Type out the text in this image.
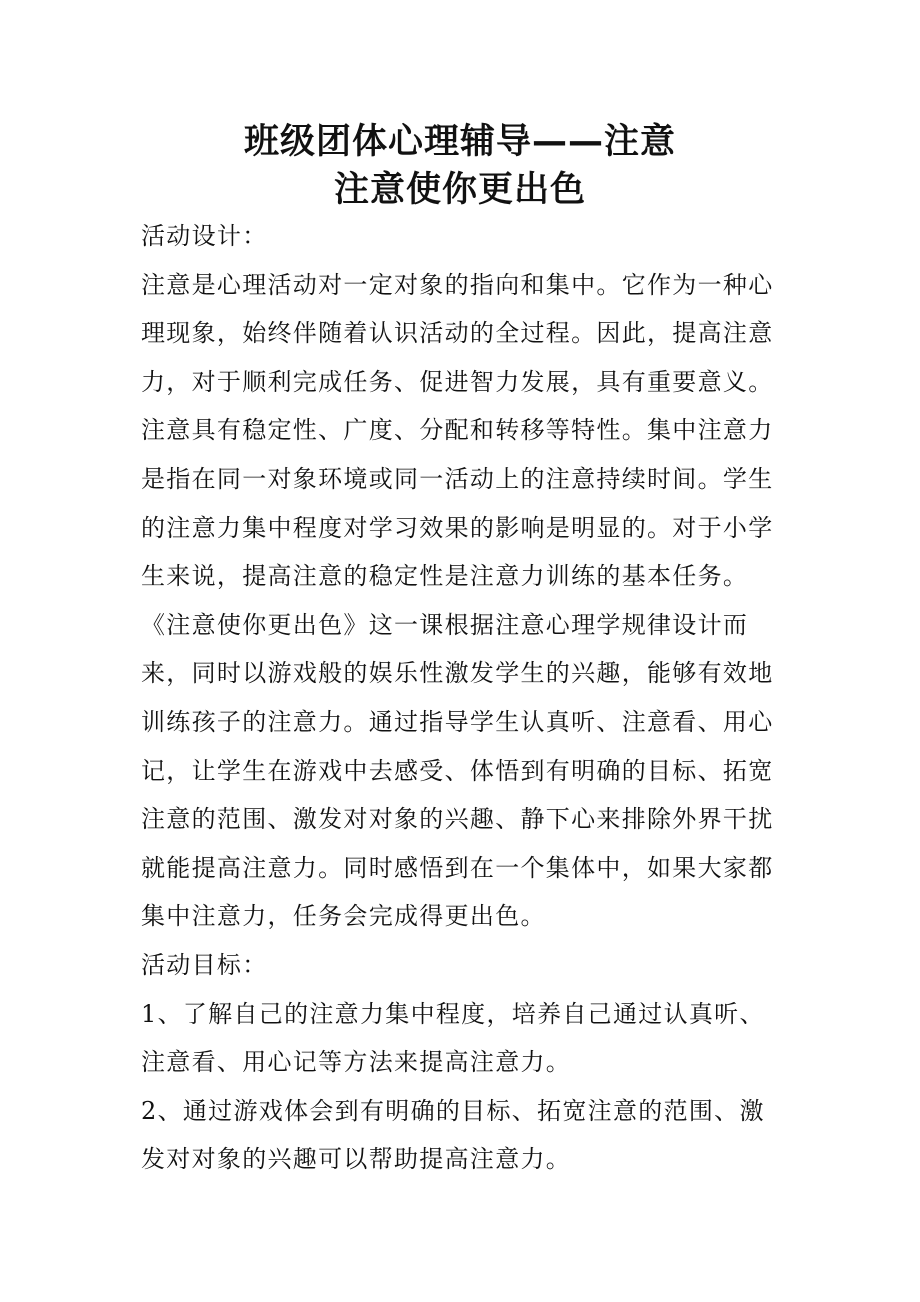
班级团体心理辅导——注意
注意使你更出色

活动设计：

注意是心理活动对一定对象的指向和集中。它作为一种心理现象，始终伴随着认识活动的全过程。因此，提高注意力，对于顺利完成任务、促进智力发展，具有重要意义。注意具有稳定性、广度、分配和转移等特性。集中注意力是指在同一对象环境或同一活动上的注意持续时间。学生的注意力集中程度对学习效果的影响是明显的。对于小学生来说，提高注意的稳定性是注意力训练的基本任务。

《注意使你更出色》这一课根据注意心理学规律设计而来，同时以游戏般的娱乐性激发学生的兴趣，能够有效地训练孩子的注意力。通过指导学生认真听、注意看、用心记，让学生在游戏中去感受、体悟到有明确的目标、拓宽注意的范围、激发对对象的兴趣、静下心来排除外界干扰就能提高注意力。同时感悟到在一个集体中，如果大家都集中注意力，任务会完成得更出色。

活动目标：

1、了解自己的注意力集中程度，培养自己通过认真听、注意看、用心记等方法来提高注意力。

2、通过游戏体会到有明确的目标、拓宽注意的范围、激发对对象的兴趣可以帮助提高注意力。
